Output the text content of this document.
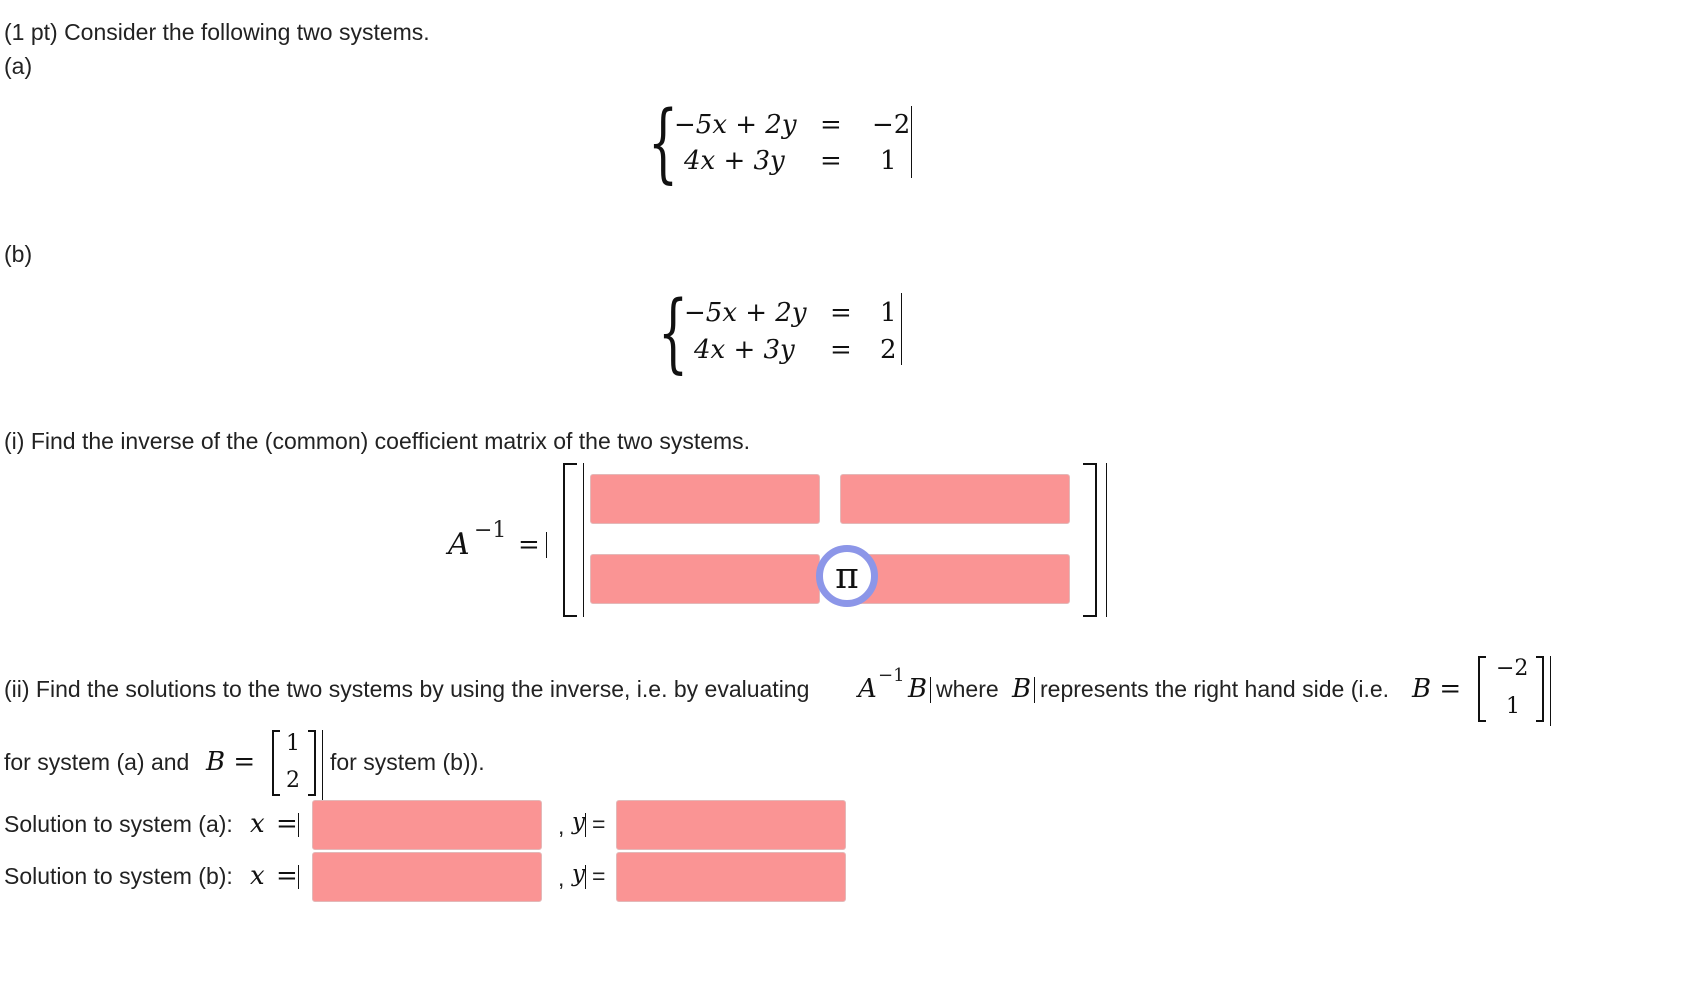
(1 pt) Consider the following two systems.
(a)
{
−5x + 2y = −2
4x + 3y = 1
(b)
{
−5x + 2y = 1
4x + 3y = 2
(i) Find the inverse of the (common) coefficient matrix of the two systems.
A −1 =
π
(ii) Find the solutions to the two systems by using the inverse, i.e. by evaluating A −1 B where B represents the right hand side (i.e. B =
−2
1
for system (a) and B =
1
2
for system (b)).
Solution to system (a): x =	, y =
Solution to system (b): x =	, y =
